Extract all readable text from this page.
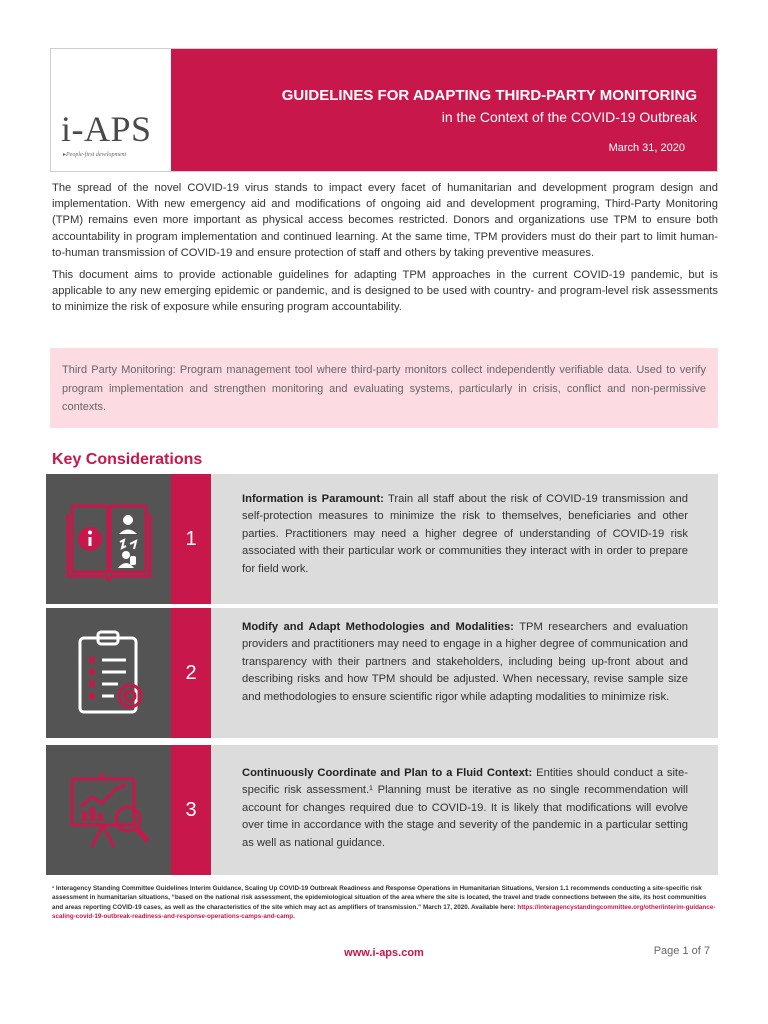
i-APS
▸People-first development
GUIDELINES FOR ADAPTING THIRD-PARTY MONITORING
in the Context of the COVID-19 Outbreak
March 31, 2020

The spread of the novel COVID-19 virus stands to impact every facet of humanitarian and development program design and implementation. With new emergency aid and modifications of ongoing aid and development programing, Third-Party Monitoring (TPM) remains even more important as physical access becomes restricted. Donors and organizations use TPM to ensure both accountability in program implementation and continued learning. At the same time, TPM providers must do their part to limit human-to-human transmission of COVID-19 and ensure protection of staff and others by taking preventive measures.

This document aims to provide actionable guidelines for adapting TPM approaches in the current COVID-19 pandemic, but is applicable to any new emerging epidemic or pandemic, and is designed to be used with country- and program-level risk assessments to minimize the risk of exposure while ensuring program accountability.

Third Party Monitoring: Program management tool where third-party monitors collect independently verifiable data. Used to verify program implementation and strengthen monitoring and evaluating systems, particularly in crisis, conflict and non-permissive contexts.
Key Considerations
1
Information is Paramount: Train all staff about the risk of COVID-19 transmission and self-protection measures to minimize the risk to themselves, beneficiaries and other parties. Practitioners may need a higher degree of understanding of COVID-19 risk associated with their particular work or communities they interact with in order to prepare for field work.
2
Modify and Adapt Methodologies and Modalities: TPM researchers and evaluation providers and practitioners may need to engage in a higher degree of communication and transparency with their partners and stakeholders, including being up-front about and describing risks and how TPM should be adjusted. When necessary, revise sample size and methodologies to ensure scientific rigor while adapting modalities to minimize risk.
3
Continuously Coordinate and Plan to a Fluid Context: Entities should conduct a site-specific risk assessment.¹ Planning must be iterative as no single recommendation will account for changes required due to COVID-19. It is likely that modifications will evolve over time in accordance with the stage and severity of the pandemic in a particular setting as well as national guidance.
¹ Interagency Standing Committee Guidelines Interim Guidance, Scaling Up COVID-19 Outbreak Readiness and Response Operations in Humanitarian Situations, Version 1.1 recommends conducting a site-specific risk assessment in humanitarian situations, “based on the national risk assessment, the epidemiological situation of the area where the site is located, the travel and trade connections between the site, its host communities and areas reporting COVID-19 cases, as well as the characteristics of the site which may act as amplifiers of transmission.” March 17, 2020. Available here: https://interagencystandingcommittee.org/other/interim-guidance-scaling-covid-19-outbreak-readiness-and-response-operations-camps-and-camp.
www.i-aps.com	Page 1 of 7
